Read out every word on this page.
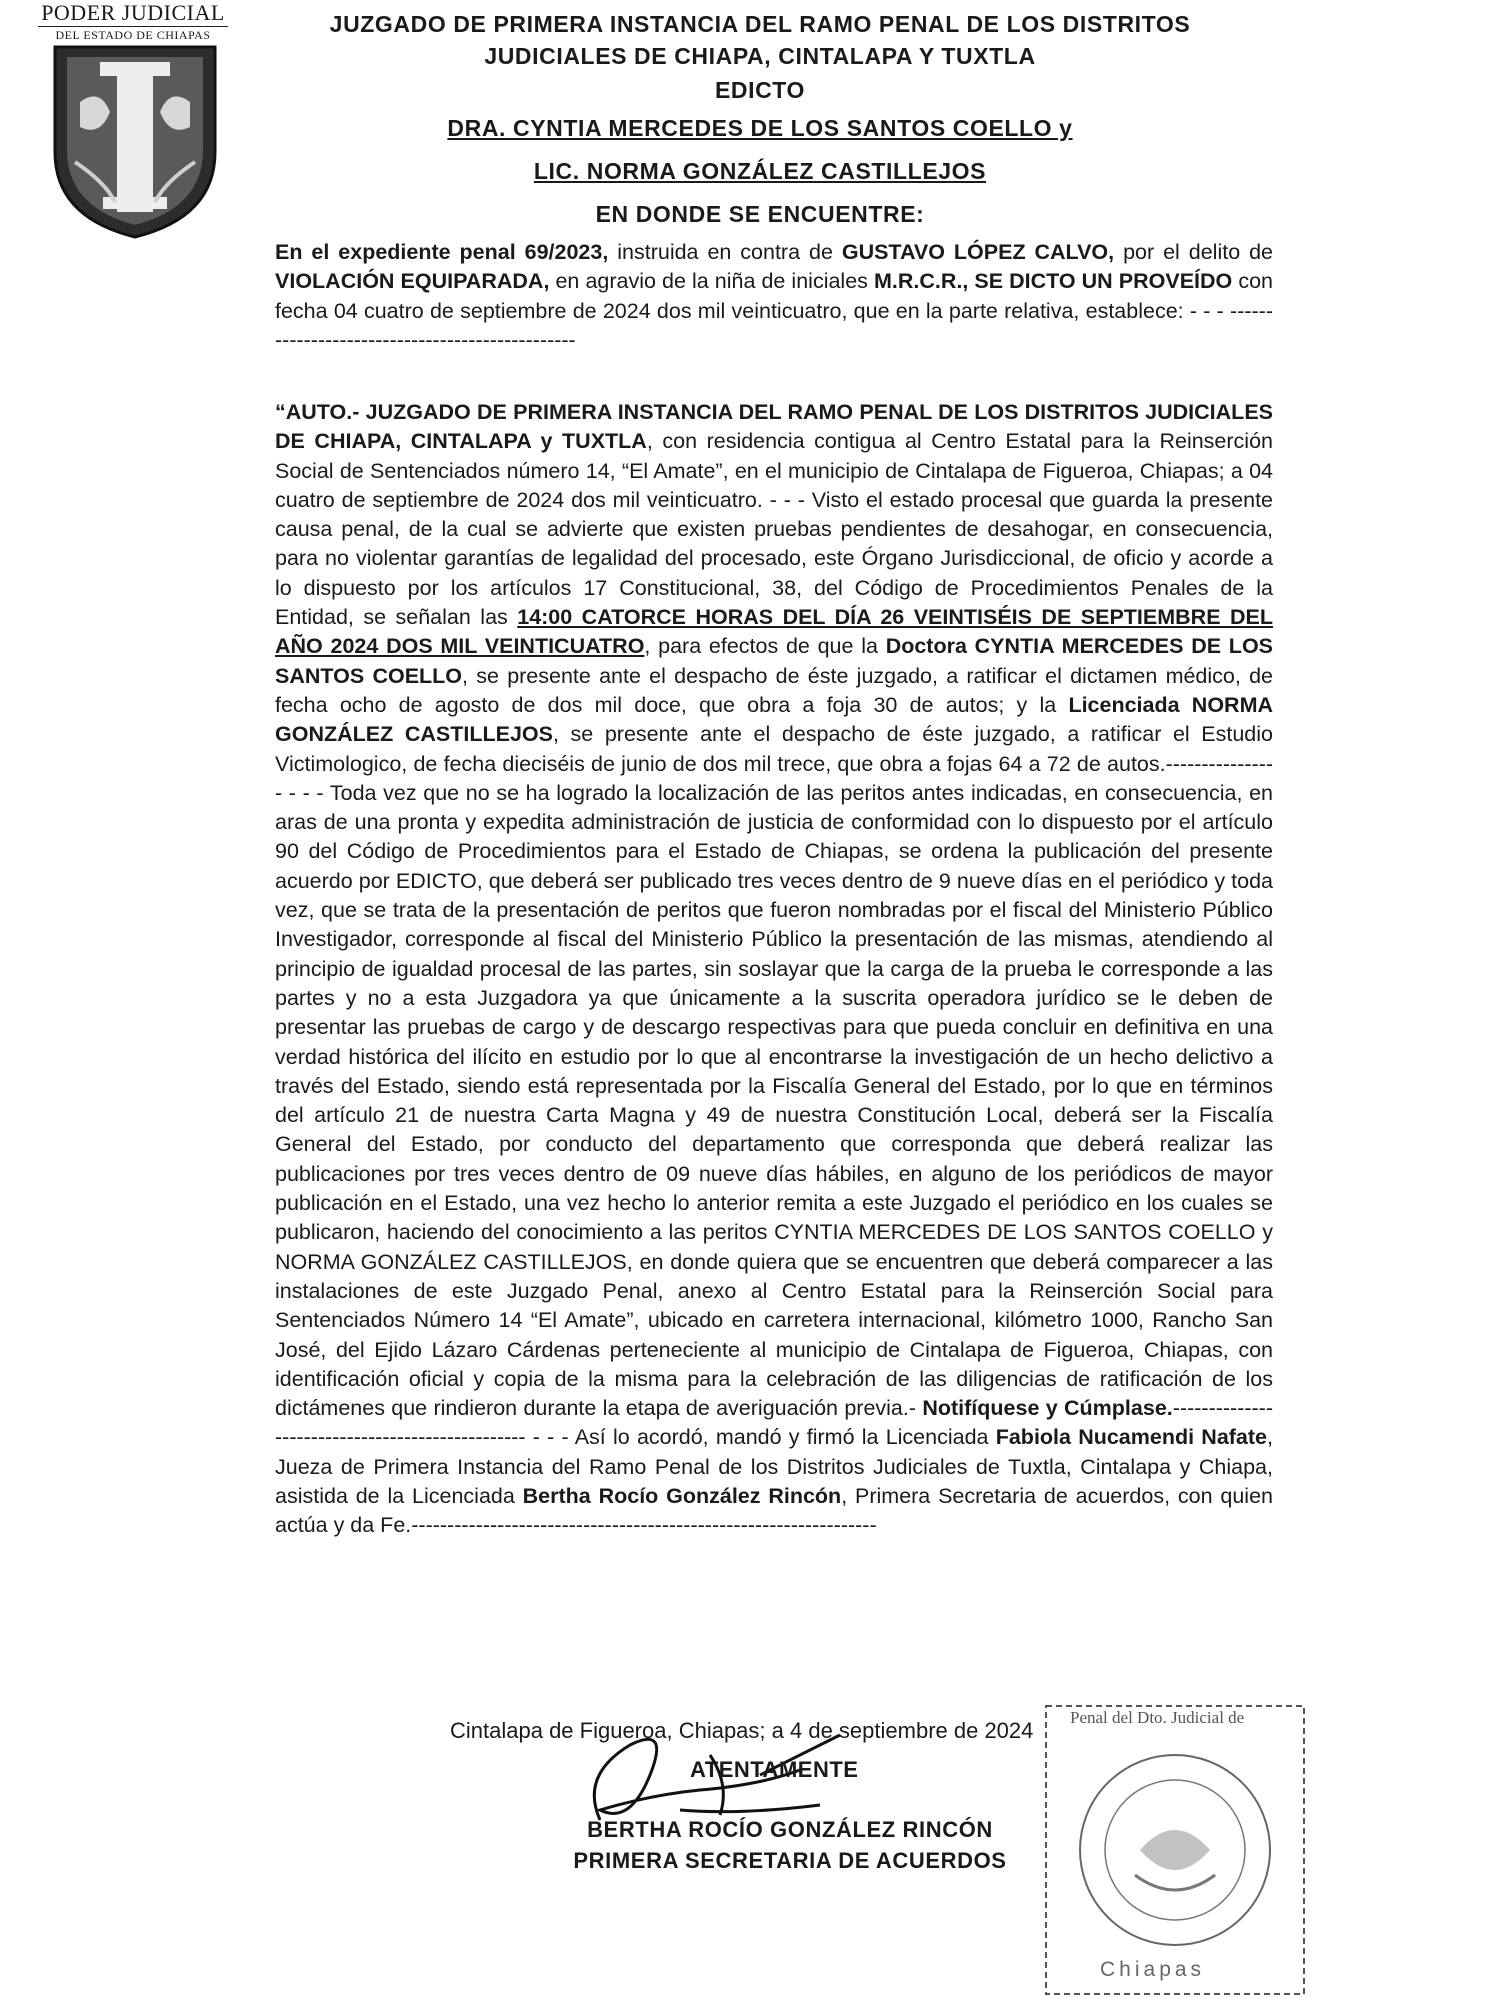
PODER JUDICIAL
DEL ESTADO DE CHIAPAS	JUZGADO DE PRIMERA INSTANCIA DEL RAMO PENAL DE LOS DISTRITOS
JUDICIALES DE CHIAPA, CINTALAPA Y TUXTLA
EDICTO
DRA. CYNTIA MERCEDES DE LOS SANTOS COELLO y
LIC. NORMA GONZÁLEZ CASTILLEJOS
EN DONDE SE ENCUENTRE:

En el expediente penal 69/2023, instruida en contra de GUSTAVO LÓPEZ CALVO, por el delito de VIOLACIÓN EQUIPARADA, en agravio de la niña de iniciales M.R.C.R., SE DICTO UN PROVEÍDO con fecha 04 cuatro de septiembre de 2024 dos mil veinticuatro, que en la parte relativa, establece: - - - ------------------------------------------------

“AUTO.- JUZGADO DE PRIMERA INSTANCIA DEL RAMO PENAL DE LOS DISTRITOS JUDICIALES DE CHIAPA, CINTALAPA y TUXTLA, con residencia contigua al Centro Estatal para la Reinserción Social de Sentenciados número 14, “El Amate”, en el municipio de Cintalapa de Figueroa, Chiapas; a 04 cuatro de septiembre de 2024 dos mil veinticuatro. - - - Visto el estado procesal que guarda la presente causa penal, de la cual se advierte que existen pruebas pendientes de desahogar, en consecuencia, para no violentar garantías de legalidad del procesado, este Órgano Jurisdiccional, de oficio y acorde a lo dispuesto por los artículos 17 Constitucional, 38, del Código de Procedimientos Penales de la Entidad, se señalan las 14:00 CATORCE HORAS DEL DÍA 26 VEINTISÉIS DE SEPTIEMBRE DEL AÑO 2024 DOS MIL VEINTICUATRO, para efectos de que la Doctora CYNTIA MERCEDES DE LOS SANTOS COELLO, se presente ante el despacho de éste juzgado, a ratificar el dictamen médico, de fecha ocho de agosto de dos mil doce, que obra a foja 30 de autos; y la Licenciada NORMA GONZÁLEZ CASTILLEJOS, se presente ante el despacho de éste juzgado, a ratificar el Estudio Victimologico, de fecha dieciséis de junio de dos mil trece, que obra a fojas 64 a 72 de autos.---------------- - - - Toda vez que no se ha logrado la localización de las peritos antes indicadas, en consecuencia, en aras de una pronta y expedita administración de justicia de conformidad con lo dispuesto por el artículo 90 del Código de Procedimientos para el Estado de Chiapas, se ordena la publicación del presente acuerdo por EDICTO, que deberá ser publicado tres veces dentro de 9 nueve días en el periódico y toda vez, que se trata de la presentación de peritos que fueron nombradas por el fiscal del Ministerio Público Investigador, corresponde al fiscal del Ministerio Público la presentación de las mismas, atendiendo al principio de igualdad procesal de las partes, sin soslayar que la carga de la prueba le corresponde a las partes y no a esta Juzgadora ya que únicamente a la suscrita operadora jurídico se le deben de presentar las pruebas de cargo y de descargo respectivas para que pueda concluir en definitiva en una verdad histórica del ilícito en estudio por lo que al encontrarse la investigación de un hecho delictivo a través del Estado, siendo está representada por la Fiscalía General del Estado, por lo que en términos del artículo 21 de nuestra Carta Magna y 49 de nuestra Constitución Local, deberá ser la Fiscalía General del Estado, por conducto del departamento que corresponda que deberá realizar las publicaciones por tres veces dentro de 09 nueve días hábiles, en alguno de los periódicos de mayor publicación en el Estado, una vez hecho lo anterior remita a este Juzgado el periódico en los cuales se publicaron, haciendo del conocimiento a las peritos CYNTIA MERCEDES DE LOS SANTOS COELLO y NORMA GONZÁLEZ CASTILLEJOS, en donde quiera que se encuentren que deberá comparecer a las instalaciones de este Juzgado Penal, anexo al Centro Estatal para la Reinserción Social para Sentenciados Número 14 “El Amate”, ubicado en carretera internacional, kilómetro 1000, Rancho San José, del Ejido Lázaro Cárdenas perteneciente al municipio de Cintalapa de Figueroa, Chiapas, con identificación oficial y copia de la misma para la celebración de las diligencias de ratificación de los dictámenes que rindieron durante la etapa de averiguación previa.- Notifíquese y Cúmplase.------------------------------------------------- - - - Así lo acordó, mandó y firmó la Licenciada Fabiola Nucamendi Nafate, Jueza de Primera Instancia del Ramo Penal de los Distritos Judiciales de Tuxtla, Cintalapa y Chiapa, asistida de la Licenciada Bertha Rocío González Rincón, Primera Secretaria de acuerdos, con quien actúa y da Fe.-----------------------------------------------------------------

Cintalapa de Figueroa, Chiapas; a 4 de septiembre de 2024
ATENTAMENTE
BERTHA ROCÍO GONZÁLEZ RINCÓN
PRIMERA SECRETARIA DE ACUERDOS
Penal del Dto. Judicial de
Chiapas
